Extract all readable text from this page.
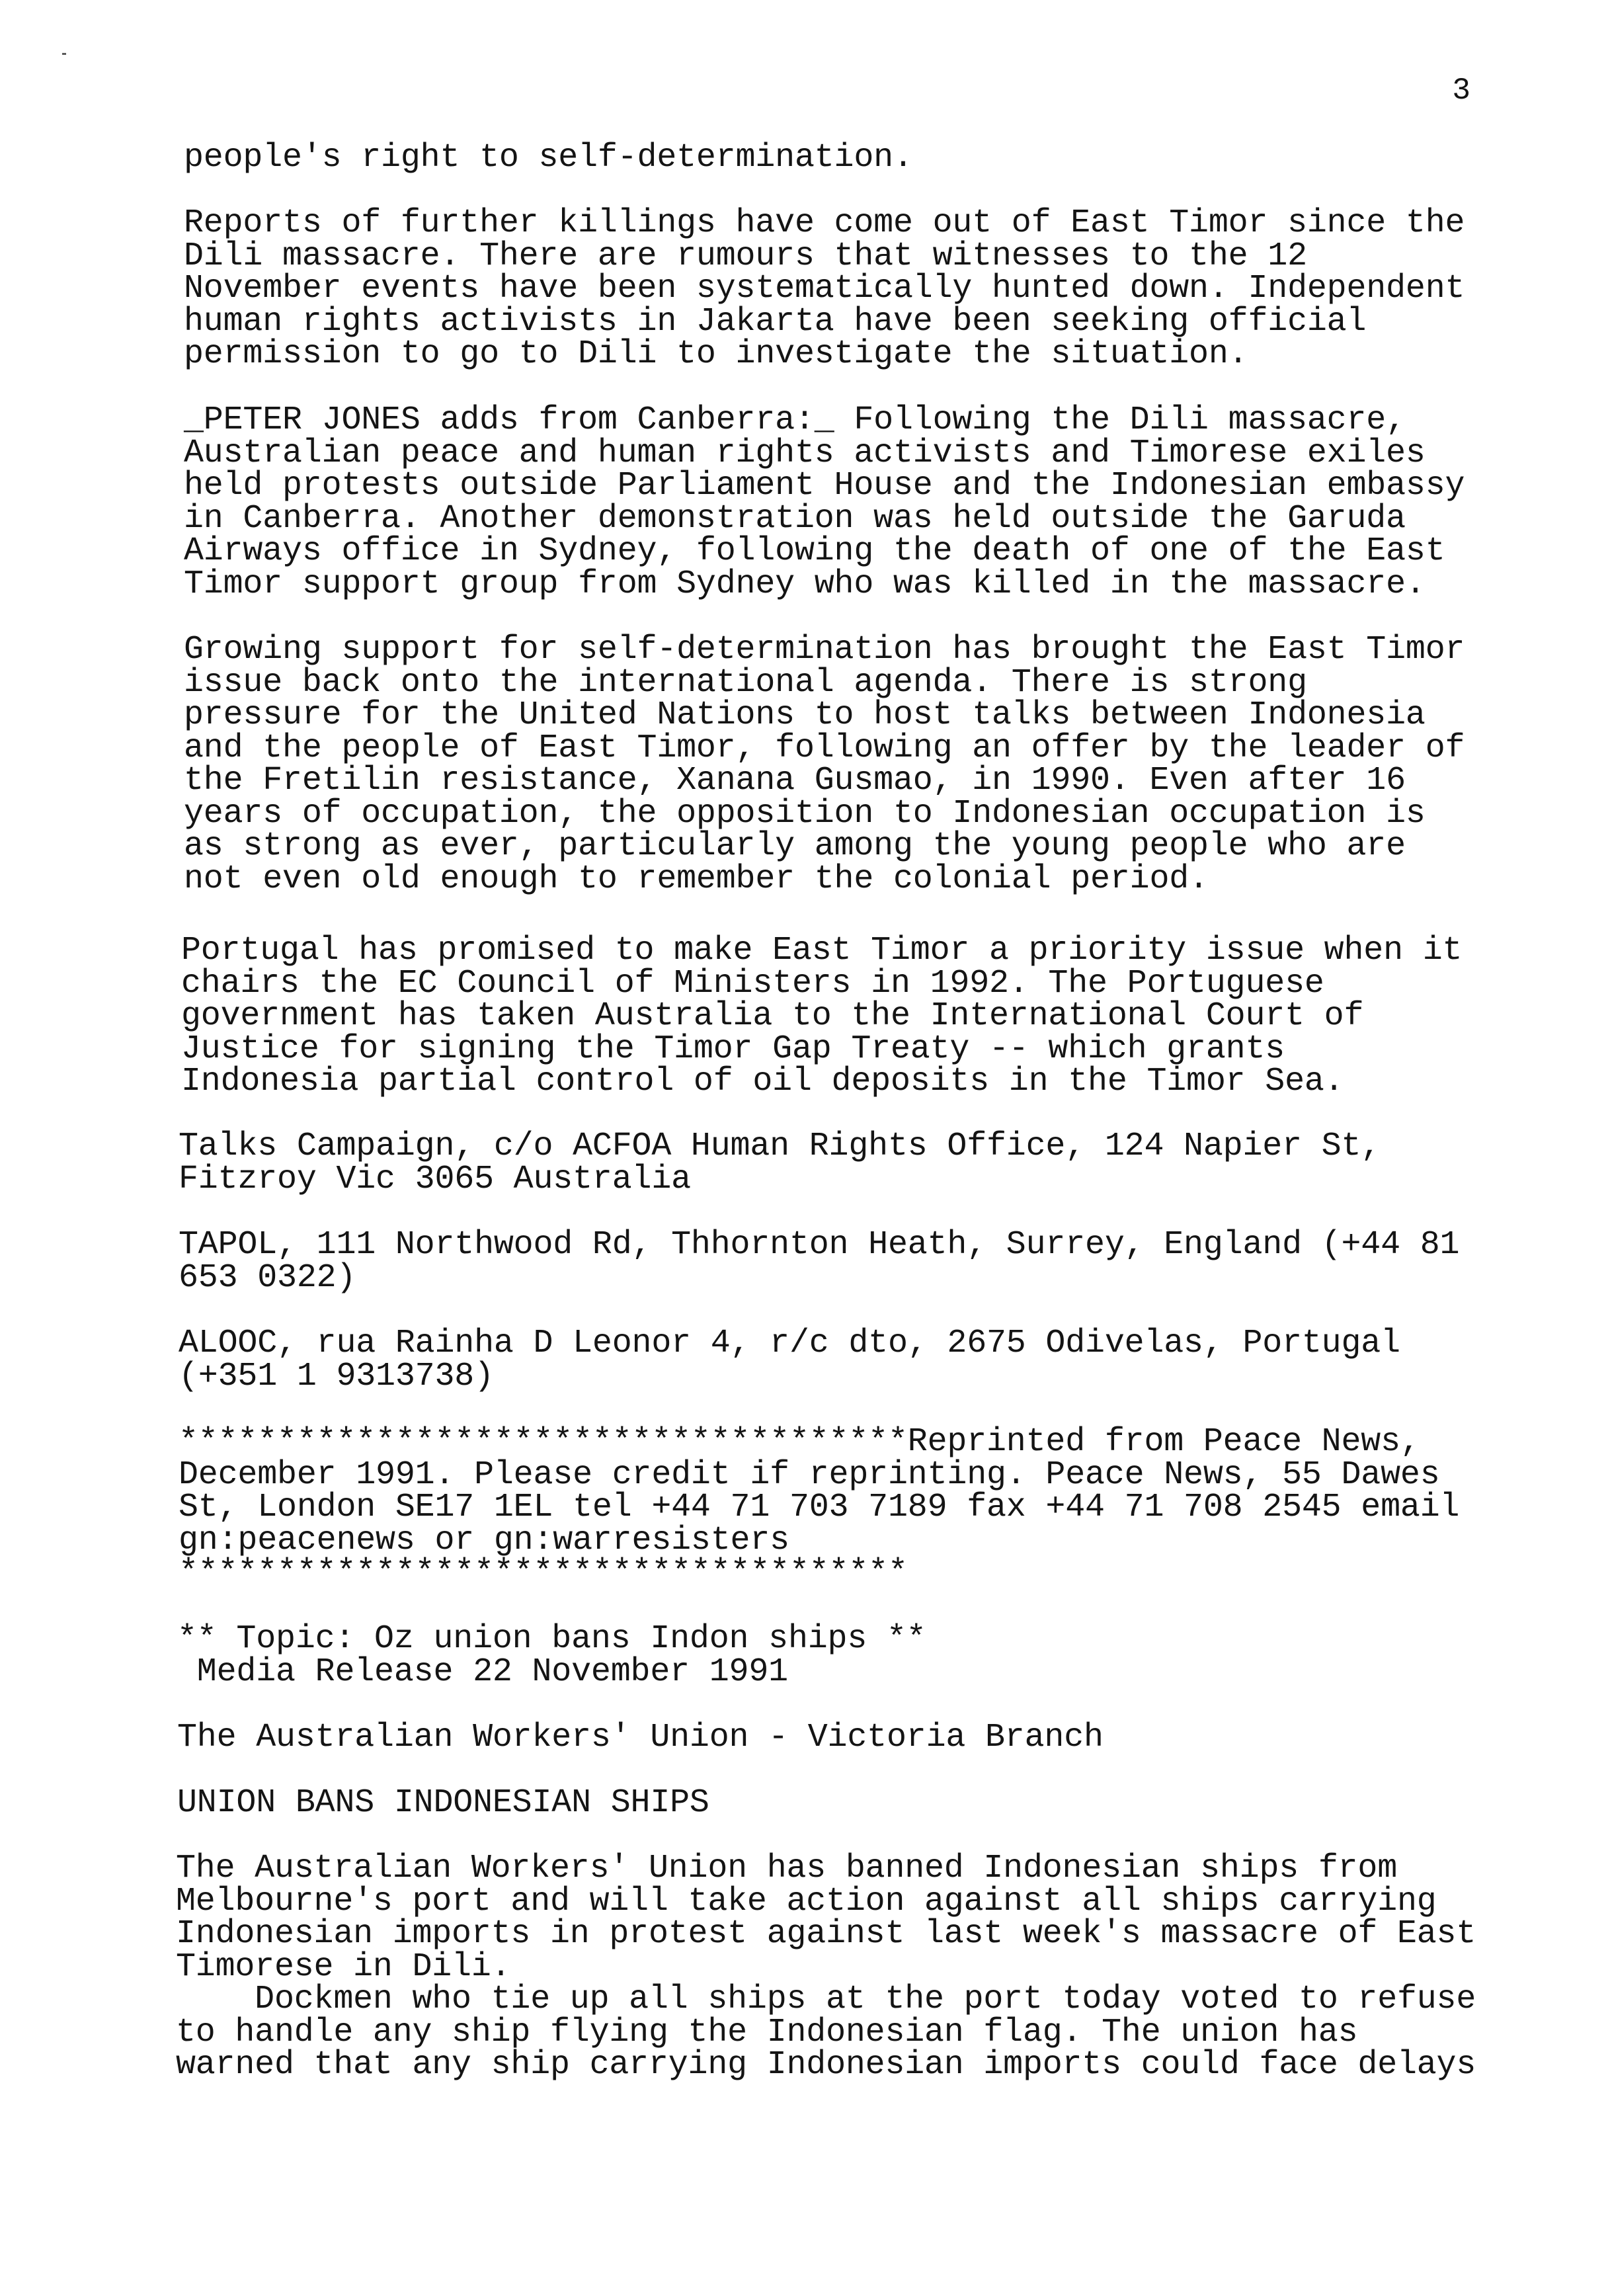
3
people's right to self-determination.
Reports of further killings have come out of East Timor since the
Dili massacre. There are rumours that witnesses to the 12
November events have been systematically hunted down. Independent
human rights activists in Jakarta have been seeking official
permission to go to Dili to investigate the situation.
_PETER JONES adds from Canberra:_ Following the Dili massacre,
Australian peace and human rights activists and Timorese exiles
held protests outside Parliament House and the Indonesian embassy
in Canberra. Another demonstration was held outside the Garuda
Airways office in Sydney, following the death of one of the East
Timor support group from Sydney who was killed in the massacre.
Growing support for self-determination has brought the East Timor
issue back onto the international agenda. There is strong
pressure for the United Nations to host talks between Indonesia
and the people of East Timor, following an offer by the leader of
the Fretilin resistance, Xanana Gusmao, in 1990. Even after 16
years of occupation, the opposition to Indonesian occupation is
as strong as ever, particularly among the young people who are
not even old enough to remember the colonial period.
Portugal has promised to make East Timor a priority issue when it
chairs the EC Council of Ministers in 1992. The Portuguese
government has taken Australia to the International Court of
Justice for signing the Timor Gap Treaty -- which grants
Indonesia partial control of oil deposits in the Timor Sea.
Talks Campaign, c/o ACFOA Human Rights Office, 124 Napier St,
Fitzroy Vic 3065 Australia
TAPOL, 111 Northwood Rd, Thhornton Heath, Surrey, England (+44 81
653 0322)
ALOOC, rua Rainha D Leonor 4, r/c dto, 2675 Odivelas, Portugal
(+351 1 9313738)
*************************************Reprinted from Peace News,
December 1991. Please credit if reprinting. Peace News, 55 Dawes
St, London SE17 1EL tel +44 71 703 7189 fax +44 71 708 2545 email
gn:peacenews or gn:warresisters
*************************************
** Topic: Oz union bans Indon ships **
Media Release 22 November 1991
The Australian Workers' Union - Victoria Branch
UNION BANS INDONESIAN SHIPS
The Australian Workers' Union has banned Indonesian ships from
Melbourne's port and will take action against all ships carrying
Indonesian imports in protest against last week's massacre of East
Timorese in Dili.
Dockmen who tie up all ships at the port today voted to refuse
to handle any ship flying the Indonesian flag. The union has
warned that any ship carrying Indonesian imports could face delays
